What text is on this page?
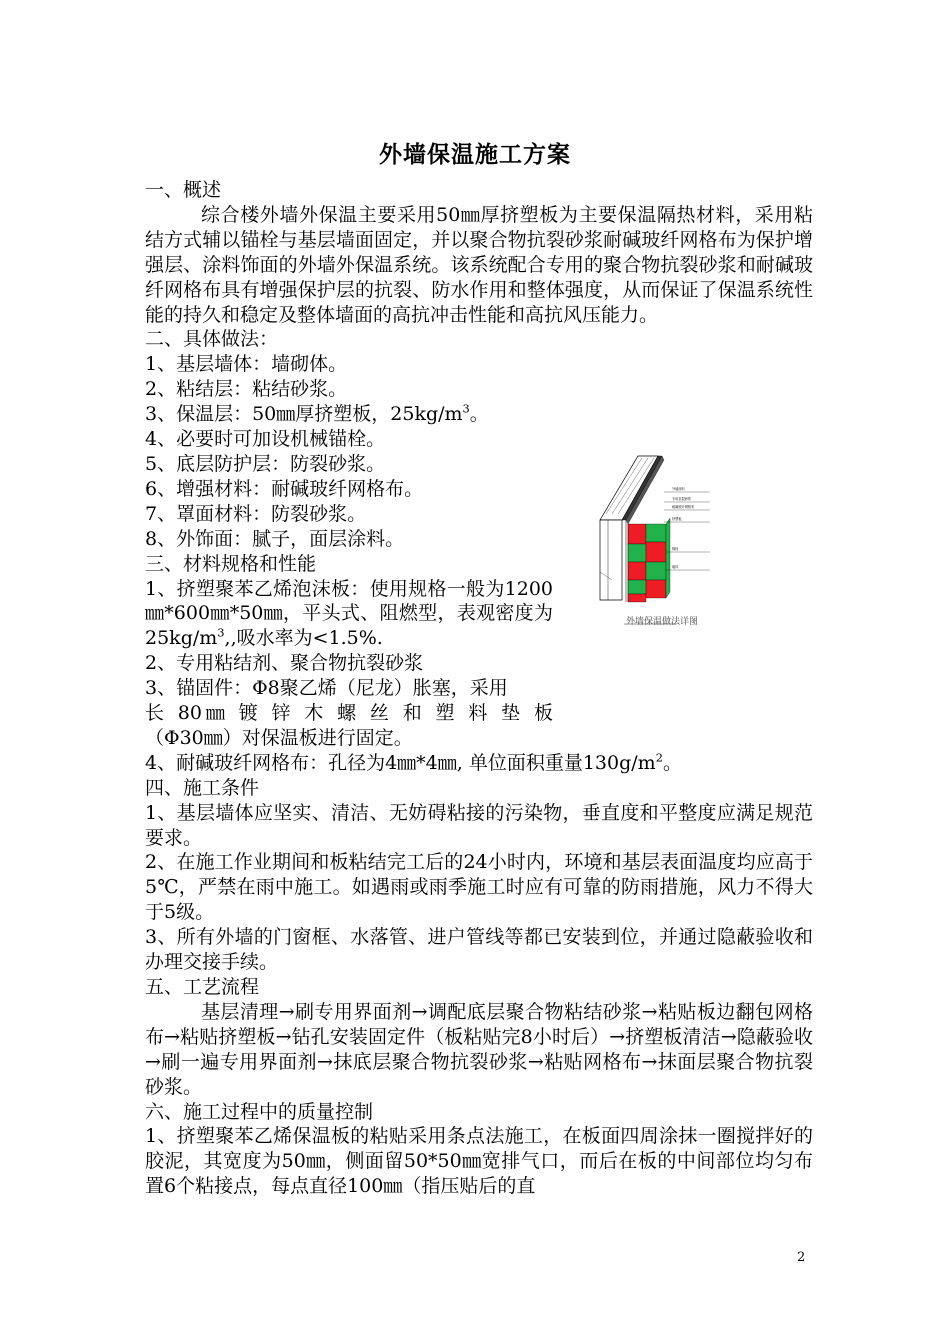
外墙保温施工方案

一、概述

综合楼外墙外保温主要采用50㎜厚挤塑板为主要保温隔热材料，采用粘结方式辅以锚栓与基层墙面固定，并以聚合物抗裂砂浆耐碱玻纤网格布为保护增强层、涂料饰面的外墙外保温系统。该系统配合专用的聚合物抗裂砂浆和耐碱玻纤网格布具有增强保护层的抗裂、防水作用和整体强度，从而保证了保温系统性能的持久和稳定及整体墙面的高抗冲击性能和高抗风压能力。

二、具体做法：

1、基层墙体：墙砌体。

2、粘结层：粘结砂浆。

3、保温层：50㎜厚挤塑板，$25kg/m^3$。

4、必要时可加设机械锚栓。

5、底层防护层：防裂砂浆。

6、增强材料：耐碱玻纤网格布。

7、罩面材料：防裂砂浆。

8、外饰面：腻子，面层涂料。

三、材料规格和性能

1、挤塑聚苯乙烯泡沫板：使用规格一般为1200㎜*600㎜*50㎜，平头式、阻燃型，表观密度为$25kg/m^3$,,吸水率为<1.5%.

2、专用粘结剂、聚合物抗裂砂浆

3、锚固件：Φ8聚乙烯（尼龙）胀塞，采用

长 80㎜ 镀 锌 木 螺 丝 和 塑 料 垫 板

（Φ30㎜）对保温板进行固定。

4、耐碱玻纤网格布：孔径为4㎜*4㎜, 单位面积重量$130g/m^2$。

四、施工条件

1、基层墙体应坚实、清洁、无妨碍粘接的污染物，垂直度和平整度应满足规范要求。

2、在施工作业期间和板粘结完工后的24小时内，环境和基层表面温度均应高于5℃，严禁在雨中施工。如遇雨或雨季施工时应有可靠的防雨措施，风力不得大于5级。

3、所有外墙的门窗框、水落管、进户管线等都已安装到位，并通过隐蔽验收和办理交接手续。

五、工艺流程

基层清理→刷专用界面剂→调配底层聚合物粘结砂浆→粘贴板边翻包网格布→粘贴挤塑板→钻孔安装固定件（板粘贴完8小时后）→挤塑板清洁→隐蔽验收→刷一遍专用界面剂→抹底层聚合物抗裂砂浆→粘贴网格布→抹面层聚合物抗裂砂浆。

六、施工过程中的质量控制

1、挤塑聚苯乙烯保温板的粘贴采用条点法施工，在板面四周涂抹一圈搅拌好的胶泥，其宽度为50㎜，侧面留50*50㎜宽排气口，而后在板的中间部位均匀布置6个粘接点，每点直径100㎜（指压贴后的直

外墙涂料
专用抗裂砂浆
耐碱玻纤网格布
挤塑板
锚栓
墙体
外墙保温做法详图
2
